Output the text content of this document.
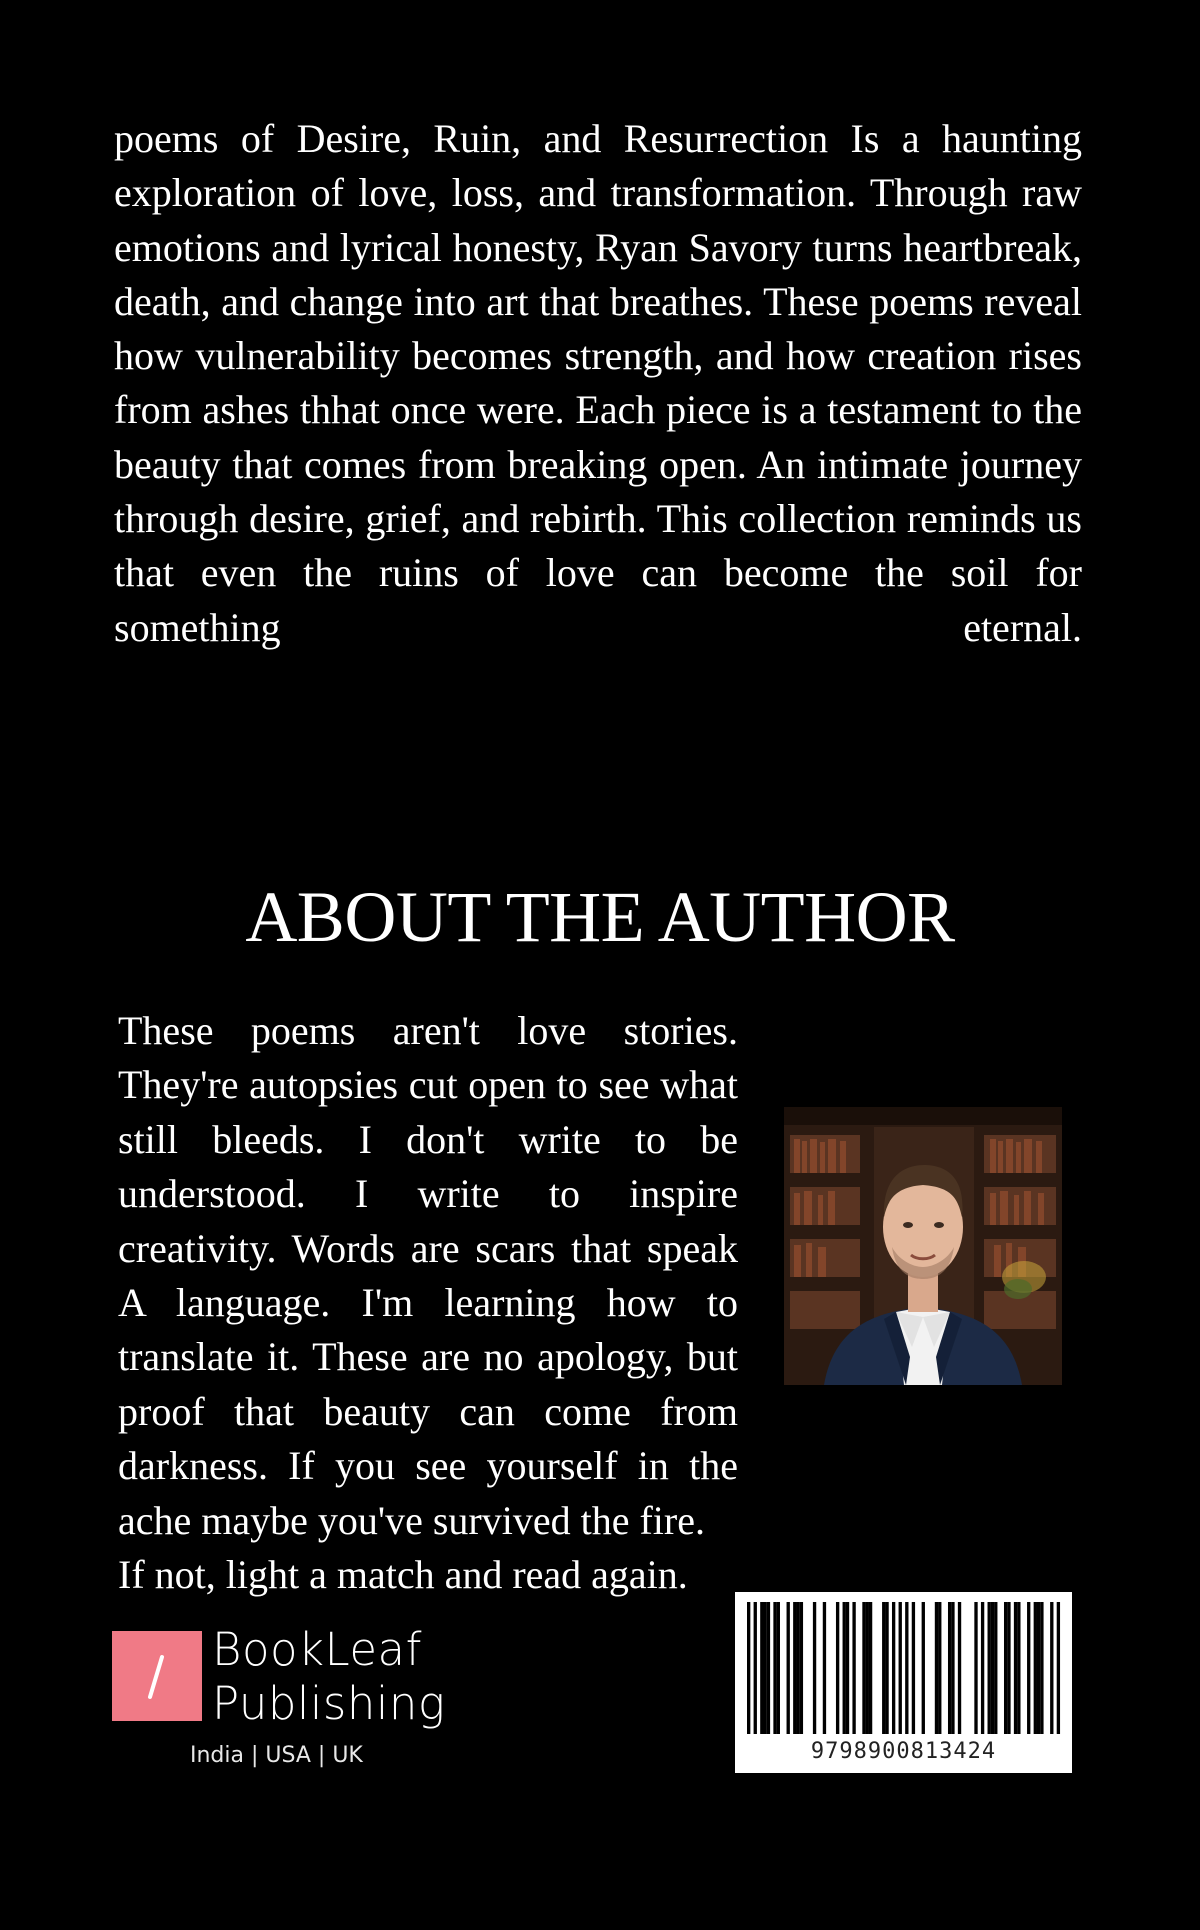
poems of Desire, Ruin, and Resurrection Is a haunting exploration of love, loss, and transformation. Through raw emotions and lyrical honesty, Ryan Savory turns heartbreak, death, and change into art that breathes. These poems reveal how vulnerability becomes strength, and how creation rises from ashes thhat once were. Each piece is a testament to the beauty that comes from breaking open. An intimate journey through desire, grief, and rebirth. This collection reminds us that even the ruins of love can become the soil for something eternal.

ABOUT THE AUTHOR

These poems aren't love stories. They're autopsies cut open to see what still bleeds. I don't write to be understood. I write to inspire creativity. Words are scars that speak A language. I'm learning how to translate it. These are no apology, but proof that beauty can come from darkness. If you see yourself in the ache maybe you've survived the fire.
If not, light a match and read again.

BookLeaf
Publishing
India | USA | UK	9798900813424
